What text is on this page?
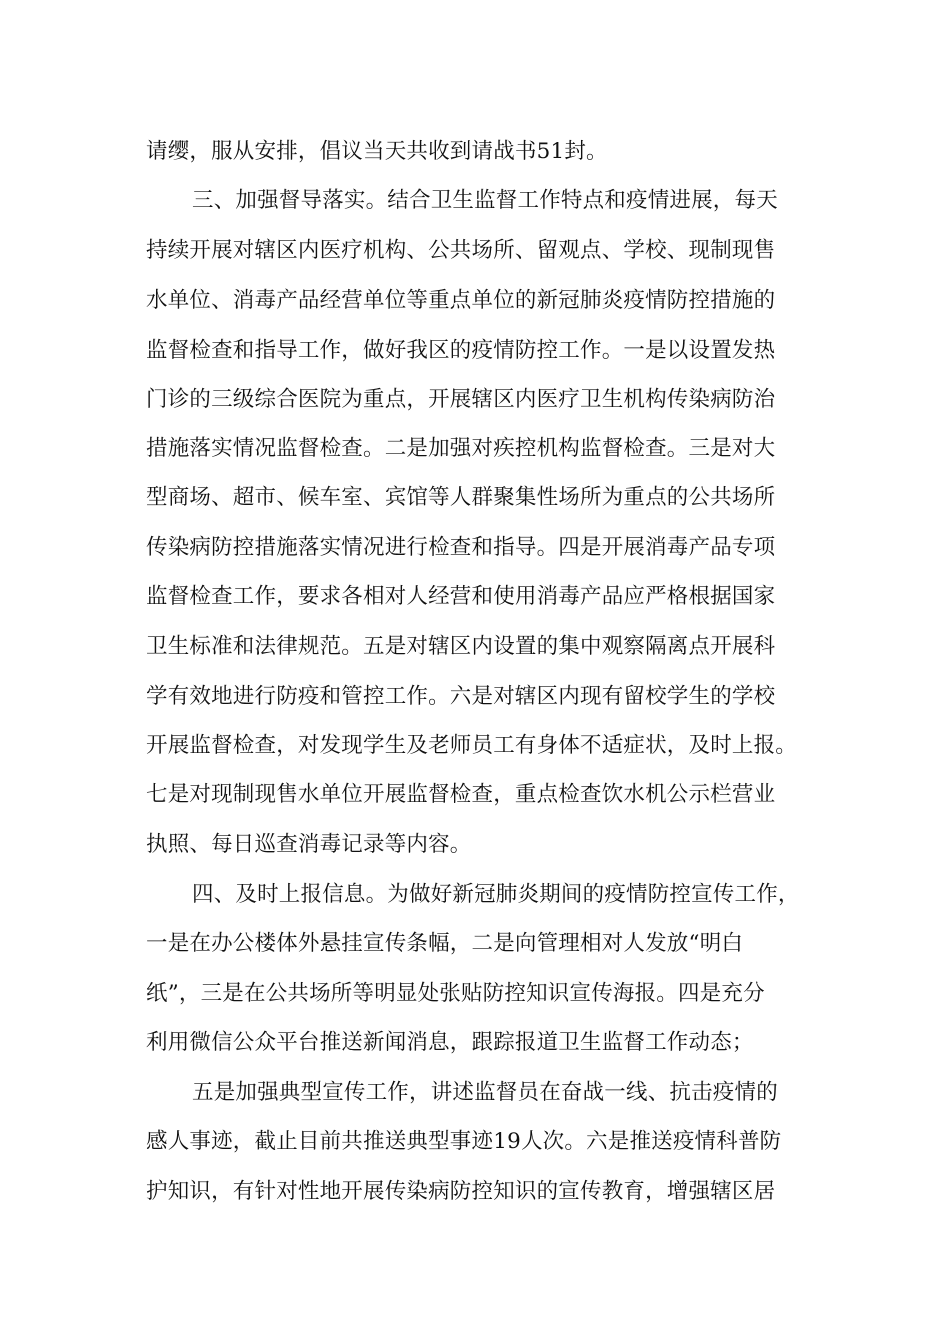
请缨，服从安排，倡议当天共收到请战书51封。
三、加强督导落实。结合卫生监督工作特点和疫情进展，每天
持续开展对辖区内医疗机构、公共场所、留观点、学校、现制现售
水单位、消毒产品经营单位等重点单位的新冠肺炎疫情防控措施的
监督检查和指导工作，做好我区的疫情防控工作。一是以设置发热
门诊的三级综合医院为重点，开展辖区内医疗卫生机构传染病防治
措施落实情况监督检查。二是加强对疾控机构监督检查。三是对大
型商场、超市、候车室、宾馆等人群聚集性场所为重点的公共场所
传染病防控措施落实情况进行检查和指导。四是开展消毒产品专项
监督检查工作，要求各相对人经营和使用消毒产品应严格根据国家
卫生标准和法律规范。五是对辖区内设置的集中观察隔离点开展科
学有效地进行防疫和管控工作。六是对辖区内现有留校学生的学校
开展监督检查，对发现学生及老师员工有身体不适症状，及时上报。
七是对现制现售水单位开展监督检查，重点检查饮水机公示栏营业
执照、每日巡查消毒记录等内容。
四、及时上报信息。为做好新冠肺炎期间的疫情防控宣传工作，
一是在办公楼体外悬挂宣传条幅，二是向管理相对人发放“明白
纸”，三是在公共场所等明显处张贴防控知识宣传海报。四是充分
利用微信公众平台推送新闻消息，跟踪报道卫生监督工作动态；
五是加强典型宣传工作，讲述监督员在奋战一线、抗击疫情的
感人事迹，截止目前共推送典型事迹19人次。六是推送疫情科普防
护知识，有针对性地开展传染病防控知识的宣传教育，增强辖区居
